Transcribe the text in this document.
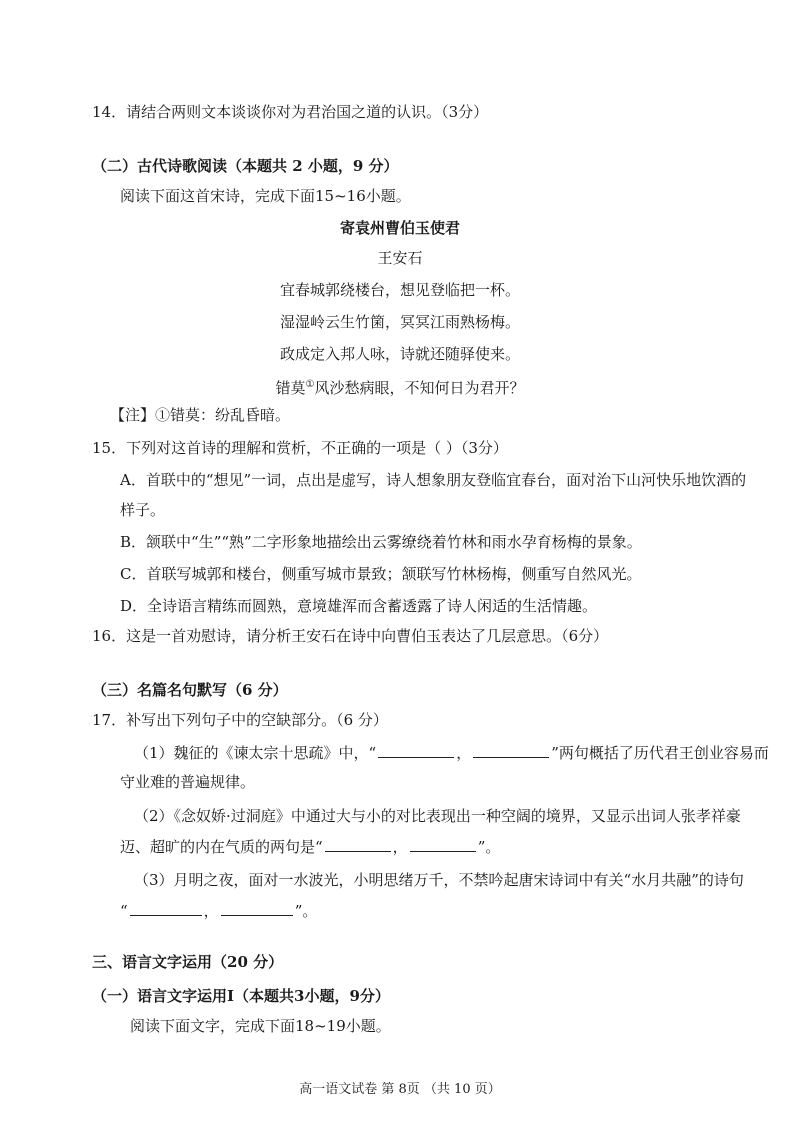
14．请结合两则文本谈谈你对为君治国之道的认识。（3分）
（二）古代诗歌阅读（本题共 2 小题，9 分）
阅读下面这首宋诗，完成下面15~16小题。
寄袁州曹伯玉使君
王安石
宜春城郭绕楼台，想见登临把一杯。
湿湿岭云生竹箘，冥冥江雨熟杨梅。
政成定入邦人咏，诗就还随驿使来。
错莫①风沙愁病眼，不知何日为君开？
【注】①错莫：纷乱昏暗。
15．下列对这首诗的理解和赏析，不正确的一项是（ ）（3分）
A．首联中的“想见”一词，点出是虚写，诗人想象朋友登临宜春台，面对治下山河快乐地饮酒的
样子。
B．颔联中“生”“熟”二字形象地描绘出云雾缭绕着竹林和雨水孕育杨梅的景象。
C．首联写城郭和楼台，侧重写城市景致；颔联写竹林杨梅，侧重写自然风光。
D．全诗语言精练而圆熟，意境雄浑而含蓄透露了诗人闲适的生活情趣。
16．这是一首劝慰诗，请分析王安石在诗中向曹伯玉表达了几层意思。（6分）
（三）名篇名句默写（6 分）
17．补写出下列句子中的空缺部分。（6 分）
（1）魏征的《谏太宗十思疏》中，“	，	”两句概括了历代君王创业容易而
守业难的普遍规律。
（2）《念奴娇·过洞庭》中通过大与小的对比表现出一种空阔的境界，又显示出词人张孝祥豪
迈、超旷的内在气质的两句是“	，	”。
（3）月明之夜，面对一水波光，小明思绪万千，不禁吟起唐宋诗词中有关“水月共融”的诗句
“	，	”。
三、语言文字运用（20 分）
（一）语言文字运用Ⅰ（本题共3小题，9分）
阅读下面文字，完成下面18~19小题。
高一语文试卷 第 8页 （共 10 页）
